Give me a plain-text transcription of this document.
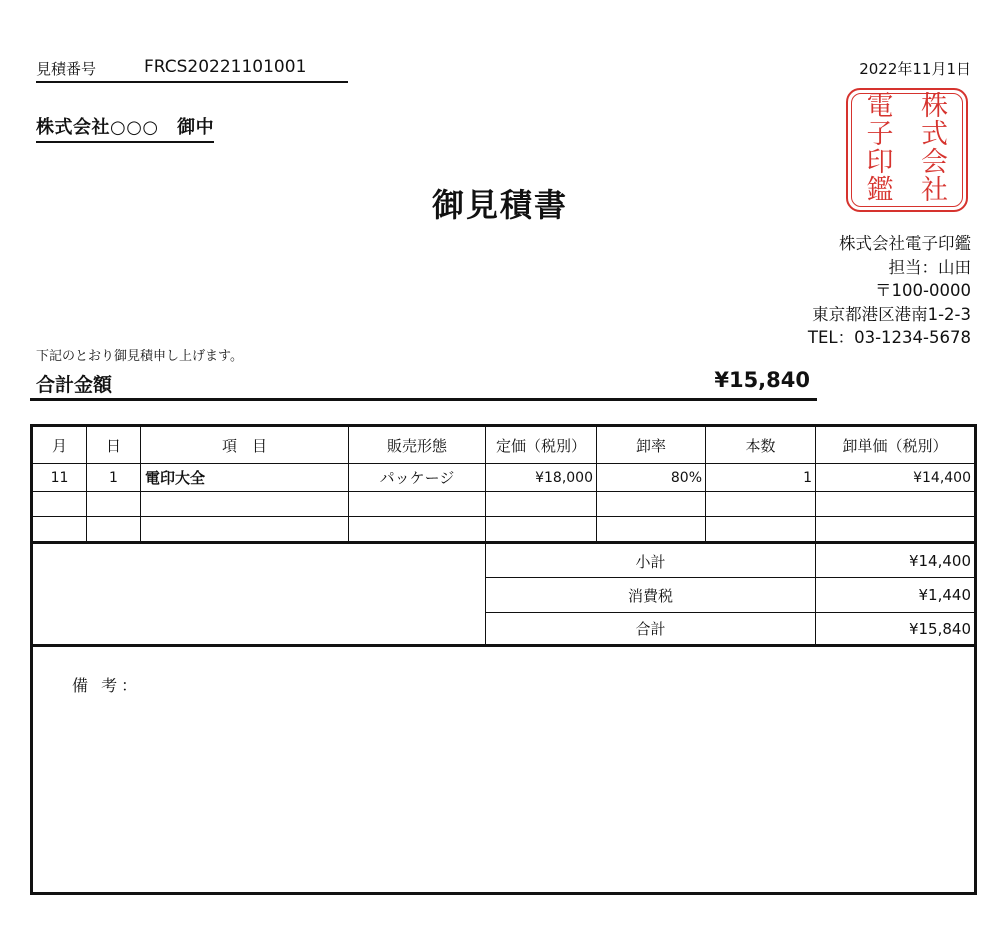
見積番号	FRCS20221101001	2022年11月1日
株式会社○○○　御中
御見積書
株
式
会
社
電
子
印
鑑
株式会社電子印鑑
担当：山田
〒100-0000
東京都港区港南1-2-3
TEL：03-1234-5678
下記のとおり御見積申し上げます。
合計金額	¥15,840
月	日	項　目	販売形態	定価（税別）	卸率	本数	卸単価（税別）
11	1	電印大全	パッケージ	¥18,000	80%	1	¥14,400
小計	¥14,400
消費税	¥1,440
合計	¥15,840
備 考：
